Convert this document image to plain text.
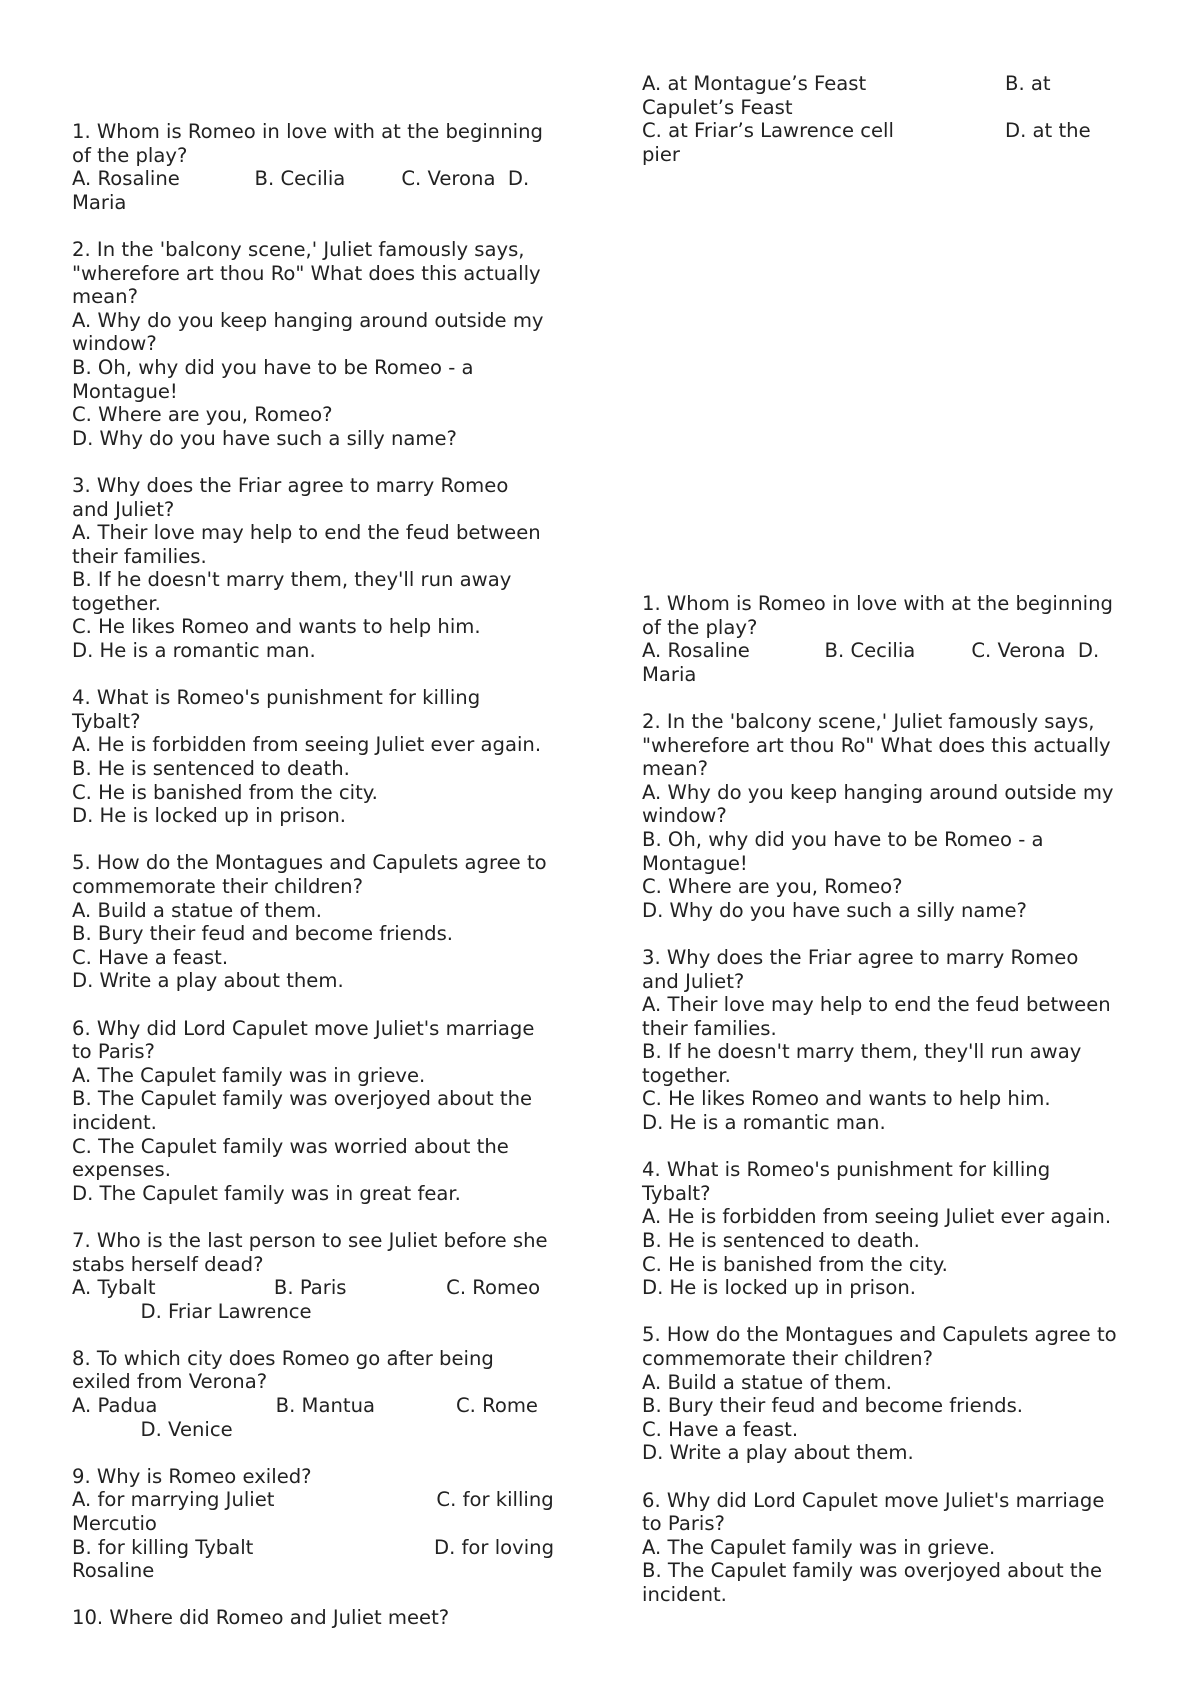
1. Whom is Romeo in love with at the beginning
of the play?
A. Rosaline            B. Cecilia         C. Verona  D.
Maria
2. In the 'balcony scene,' Juliet famously says,
"wherefore art thou Ro" What does this actually
mean?
A. Why do you keep hanging around outside my
window?
B. Oh, why did you have to be Romeo - a
Montague!
C. Where are you, Romeo?
D. Why do you have such a silly name?
3. Why does the Friar agree to marry Romeo
and Juliet?
A. Their love may help to end the feud between
their families.
B. If he doesn't marry them, they'll run away
together.
C. He likes Romeo and wants to help him.
D. He is a romantic man.
4. What is Romeo's punishment for killing
Tybalt?
A. He is forbidden from seeing Juliet ever again.
B. He is sentenced to death.
C. He is banished from the city.
D. He is locked up in prison.
5. How do the Montagues and Capulets agree to
commemorate their children?
A. Build a statue of them.
B. Bury their feud and become friends.
C. Have a feast.
D. Write a play about them.
6. Why did Lord Capulet move Juliet's marriage
to Paris?
A. The Capulet family was in grieve.
B. The Capulet family was overjoyed about the
incident.
C. The Capulet family was worried about the
expenses.
D. The Capulet family was in great fear.
7. Who is the last person to see Juliet before she
stabs herself dead?
A. Tybalt                   B. Paris                C. Romeo
D. Friar Lawrence
8. To which city does Romeo go after being
exiled from Verona?
A. Padua                   B. Mantua             C. Rome
D. Venice
9. Why is Romeo exiled?
A. for marrying Juliet                          C. for killing
Mercutio
B. for killing Tybalt                             D. for loving
Rosaline
10. Where did Romeo and Juliet meet?
A. at Montague’s Feast	B. at
Capulet’s Feast
C. at Friar’s Lawrence cell	D. at the
pier
1. Whom is Romeo in love with at the beginning
of the play?
A. Rosaline            B. Cecilia         C. Verona  D.
Maria
2. In the 'balcony scene,' Juliet famously says,
"wherefore art thou Ro" What does this actually
mean?
A. Why do you keep hanging around outside my
window?
B. Oh, why did you have to be Romeo - a
Montague!
C. Where are you, Romeo?
D. Why do you have such a silly name?
3. Why does the Friar agree to marry Romeo
and Juliet?
A. Their love may help to end the feud between
their families.
B. If he doesn't marry them, they'll run away
together.
C. He likes Romeo and wants to help him.
D. He is a romantic man.
4. What is Romeo's punishment for killing
Tybalt?
A. He is forbidden from seeing Juliet ever again.
B. He is sentenced to death.
C. He is banished from the city.
D. He is locked up in prison.
5. How do the Montagues and Capulets agree to
commemorate their children?
A. Build a statue of them.
B. Bury their feud and become friends.
C. Have a feast.
D. Write a play about them.
6. Why did Lord Capulet move Juliet's marriage
to Paris?
A. The Capulet family was in grieve.
B. The Capulet family was overjoyed about the
incident.
